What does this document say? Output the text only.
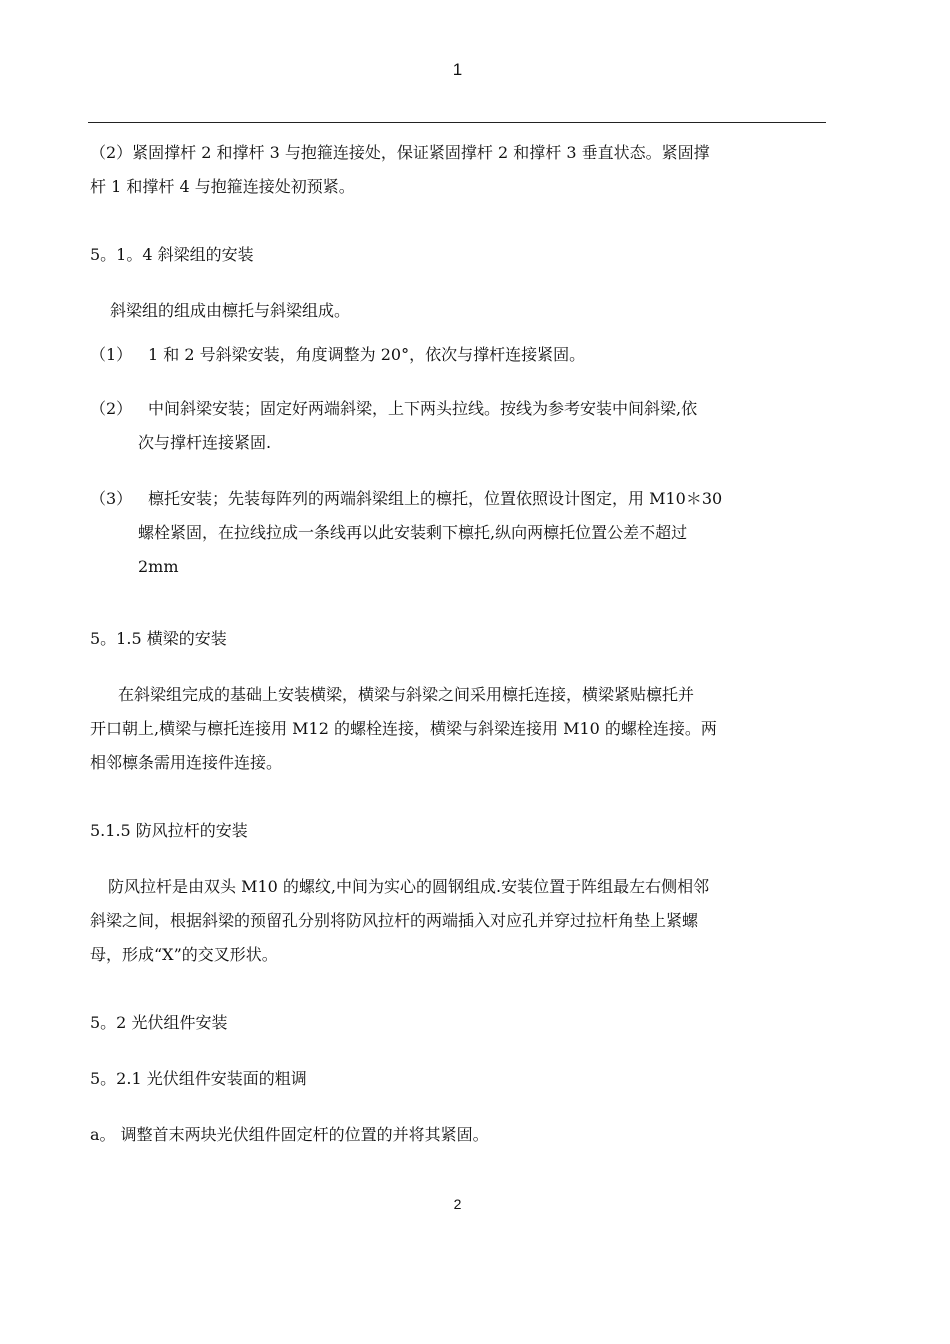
1
（2）紧固撑杆 2 和撑杆 3 与抱箍连接处，保证紧固撑杆 2 和撑杆 3 垂直状态。紧固撑
杆 1 和撑杆 4 与抱箍连接处初预紧。
5。1。4 斜梁组的安装
斜梁组的组成由檩托与斜梁组成。
（1） 1 和 2 号斜梁安装，角度调整为 20°，依次与撑杆连接紧固。
（2） 中间斜梁安装；固定好两端斜梁，上下两头拉线。按线为参考安装中间斜梁,依
次与撑杆连接紧固.
（3） 檩托安装；先装每阵列的两端斜梁组上的檩托，位置依照设计图定，用 M10＊30
螺栓紧固，在拉线拉成一条线再以此安装剩下檩托,纵向两檩托位置公差不超过
2mm
5。1.5 横梁的安装
在斜梁组完成的基础上安装横梁，横梁与斜梁之间采用檩托连接，横梁紧贴檩托并
开口朝上,横梁与檩托连接用 M12 的螺栓连接，横梁与斜梁连接用 M10 的螺栓连接。两
相邻檩条需用连接件连接。
5.1.5 防风拉杆的安装
防风拉杆是由双头 M10 的螺纹,中间为实心的圆钢组成.安装位置于阵组最左右侧相邻
斜梁之间，根据斜梁的预留孔分别将防风拉杆的两端插入对应孔并穿过拉杆角垫上紧螺
母，形成“X”的交叉形状。
5。2 光伏组件安装
5。2.1 光伏组件安装面的粗调
a。 调整首末两块光伏组件固定杆的位置的并将其紧固。
2
